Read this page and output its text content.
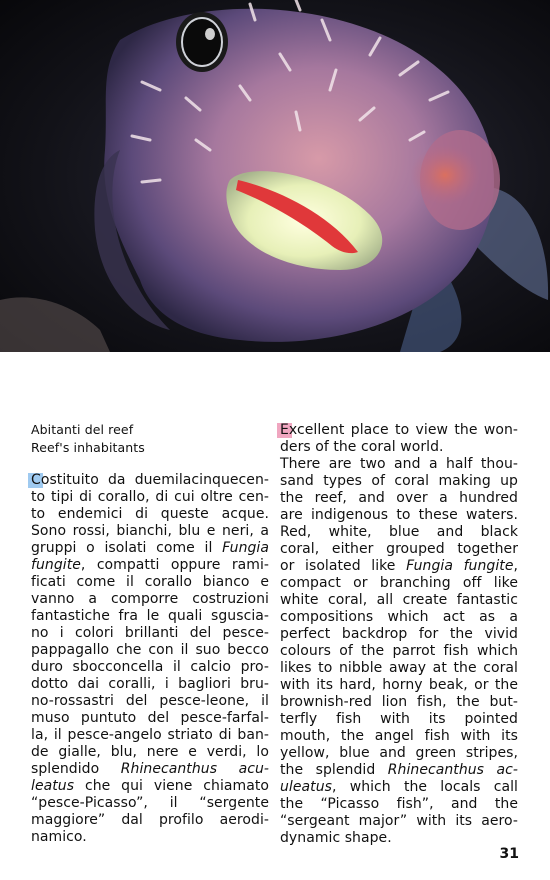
Abitanti del reef
Reef's inhabitants
Costituito da duemilacinquecen-
to tipi di corallo, di cui oltre cen-
to endemici di queste acque.
Sono rossi, bianchi, blu e neri, a
gruppi o isolati come il Fungia
fungite, compatti oppure rami-
ficati come il corallo bianco e
vanno a comporre costruzioni
fantastiche fra le quali sguscia-
no i colori brillanti del pesce-
pappagallo che con il suo becco
duro sbocconcella il calcio pro-
dotto dai coralli, i bagliori bru-
no-rossastri del pesce-leone, il
muso puntuto del pesce-farfal-
la, il pesce-angelo striato di ban-
de gialle, blu, nere e verdi, lo
splendido Rhinecanthus acu-
leatus che qui viene chiamato
“pesce-Picasso”, il “sergente
maggiore” dal profilo aerodi-
namico.
Excellent place to view the won-
ders of the coral world.
There are two and a half thou-
sand types of coral making up
the reef, and over a hundred
are indigenous to these waters.
Red, white, blue and black
coral, either grouped together
or isolated like Fungia fungite,
compact or branching off like
white coral, all create fantastic
compositions which act as a
perfect backdrop for the vivid
colours of the parrot fish which
likes to nibble away at the coral
with its hard, horny beak, or the
brownish-red lion fish, the but-
terfly fish with its pointed
mouth, the angel fish with its
yellow, blue and green stripes,
the splendid Rhinecanthus ac-
uleatus, which the locals call
the “Picasso fish”, and the
“sergeant major” with its aero-
dynamic shape.
31
